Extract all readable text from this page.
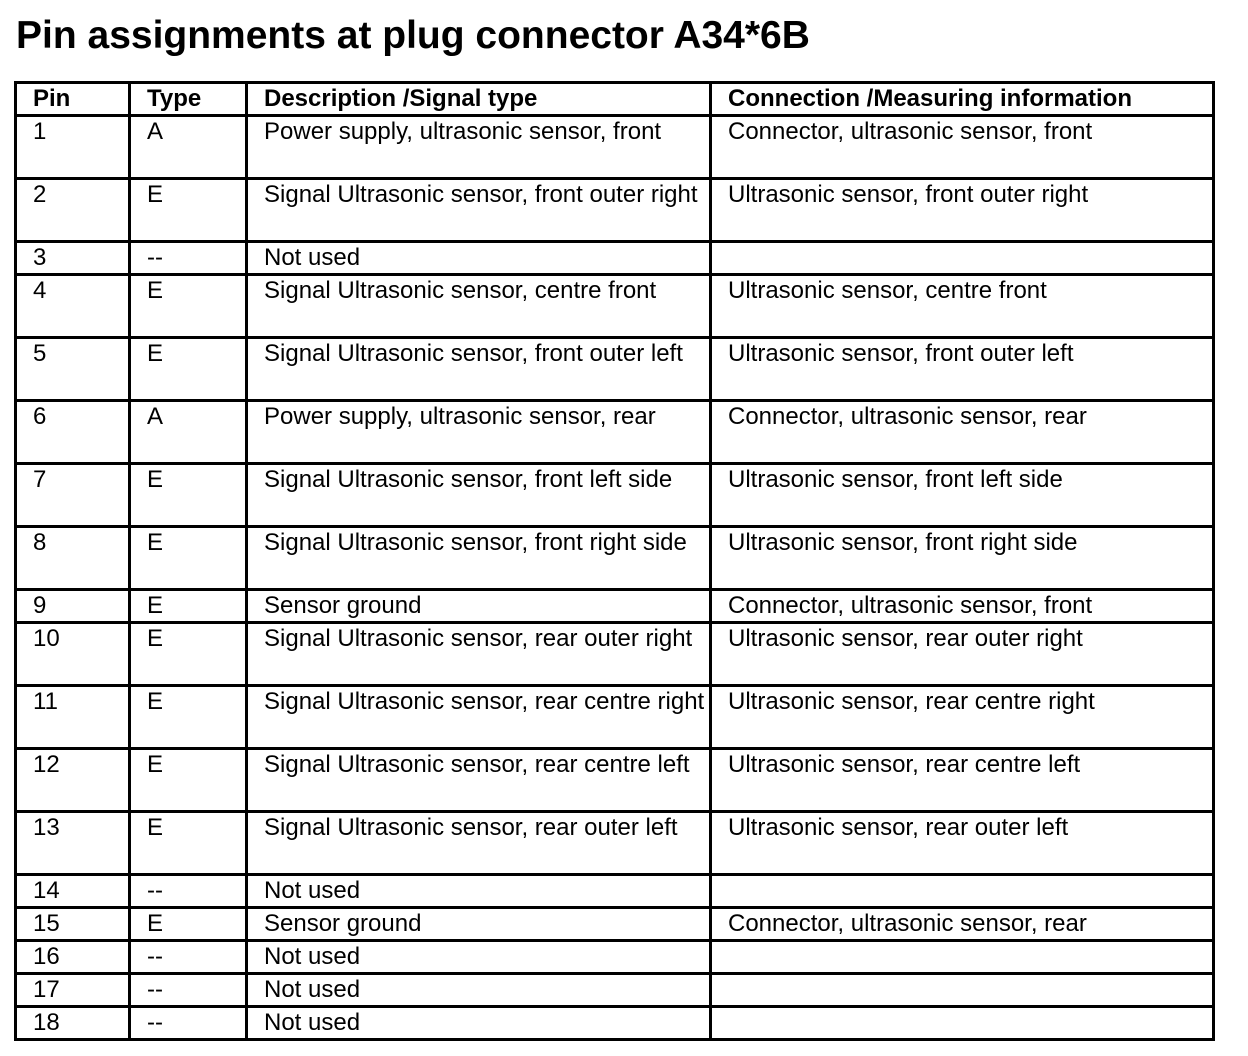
Pin assignments at plug connector A34*6B
Pin	Type	Description /Signal type	Connection /Measuring information
1	A	Power supply, ultrasonic sensor, front	Connector, ultrasonic sensor, front
2	E	Signal Ultrasonic sensor, front outer right	Ultrasonic sensor, front outer right
3	--	Not used	
4	E	Signal Ultrasonic sensor, centre front	Ultrasonic sensor, centre front
5	E	Signal Ultrasonic sensor, front outer left	Ultrasonic sensor, front outer left
6	A	Power supply, ultrasonic sensor, rear	Connector, ultrasonic sensor, rear
7	E	Signal Ultrasonic sensor, front left side	Ultrasonic sensor, front left side
8	E	Signal Ultrasonic sensor, front right side	Ultrasonic sensor, front right side
9	E	Sensor ground	Connector, ultrasonic sensor, front
10	E	Signal Ultrasonic sensor, rear outer right	Ultrasonic sensor, rear outer right
11	E	Signal Ultrasonic sensor, rear centre right	Ultrasonic sensor, rear centre right
12	E	Signal Ultrasonic sensor, rear centre left	Ultrasonic sensor, rear centre left
13	E	Signal Ultrasonic sensor, rear outer left	Ultrasonic sensor, rear outer left
14	--	Not used	
15	E	Sensor ground	Connector, ultrasonic sensor, rear
16	--	Not used	
17	--	Not used	
18	--	Not used	
